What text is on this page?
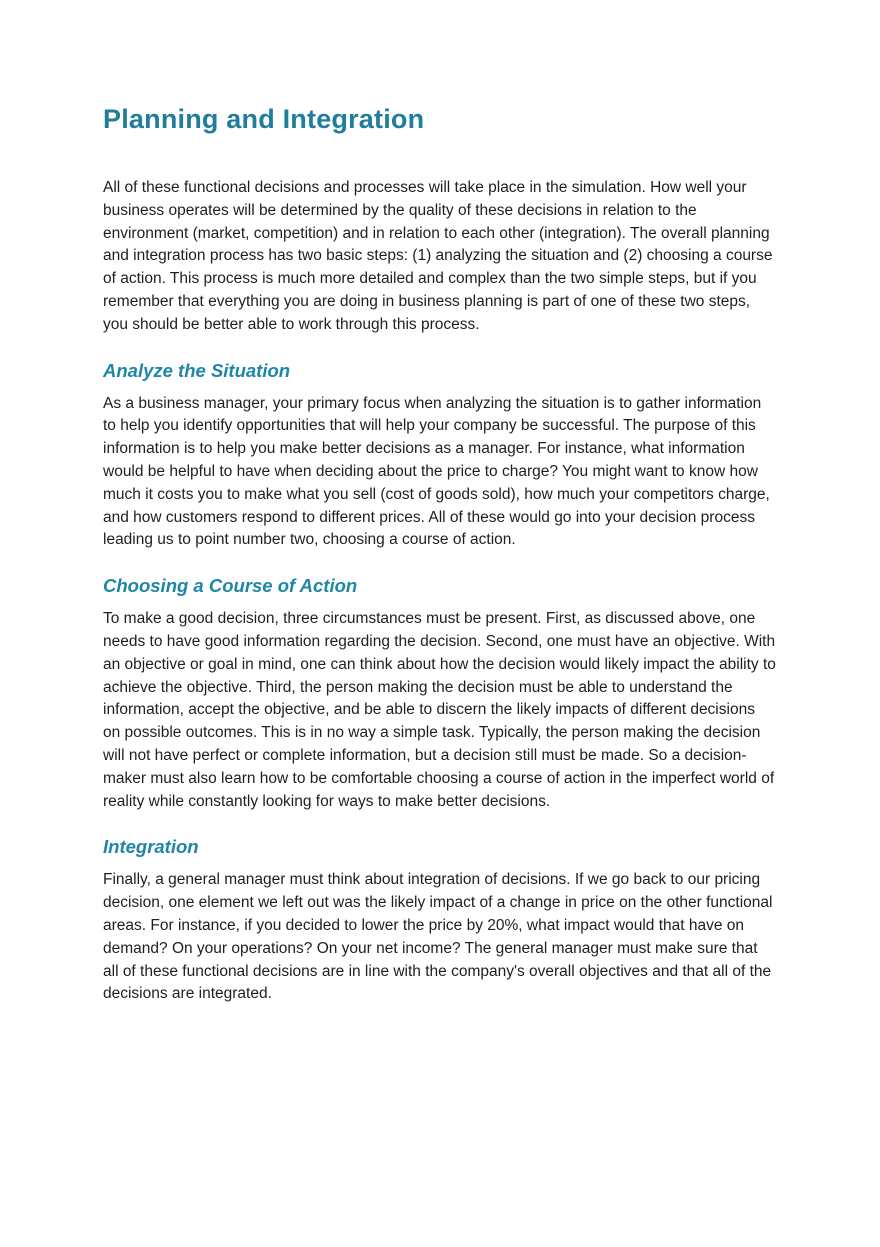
Planning and Integration

All of these functional decisions and processes will take place in the simulation. How well your business operates will be determined by the quality of these decisions in relation to the environment (market, competition) and in relation to each other (integration). The overall planning and integration process has two basic steps: (1) analyzing the situation and (2) choosing a course of action. This process is much more detailed and complex than the two simple steps, but if you remember that everything you are doing in business planning is part of one of these two steps, you should be better able to work through this process.

Analyze the Situation

As a business manager, your primary focus when analyzing the situation is to gather information to help you identify opportunities that will help your company be successful. The purpose of this information is to help you make better decisions as a manager. For instance, what information would be helpful to have when deciding about the price to charge? You might want to know how much it costs you to make what you sell (cost of goods sold), how much your competitors charge, and how customers respond to different prices. All of these would go into your decision process leading us to point number two, choosing a course of action.

Choosing a Course of Action

To make a good decision, three circumstances must be present. First, as discussed above, one needs to have good information regarding the decision. Second, one must have an objective. With an objective or goal in mind, one can think about how the decision would likely impact the ability to achieve the objective. Third, the person making the decision must be able to understand the information, accept the objective, and be able to discern the likely impacts of different decisions on possible outcomes. This is in no way a simple task. Typically, the person making the decision will not have perfect or complete information, but a decision still must be made. So a decision-maker must also learn how to be comfortable choosing a course of action in the imperfect world of reality while constantly looking for ways to make better decisions.

Integration

Finally, a general manager must think about integration of decisions. If we go back to our pricing decision, one element we left out was the likely impact of a change in price on the other functional areas. For instance, if you decided to lower the price by 20%, what impact would that have on demand? On your operations? On your net income? The general manager must make sure that all of these functional decisions are in line with the company's overall objectives and that all of the decisions are integrated.
